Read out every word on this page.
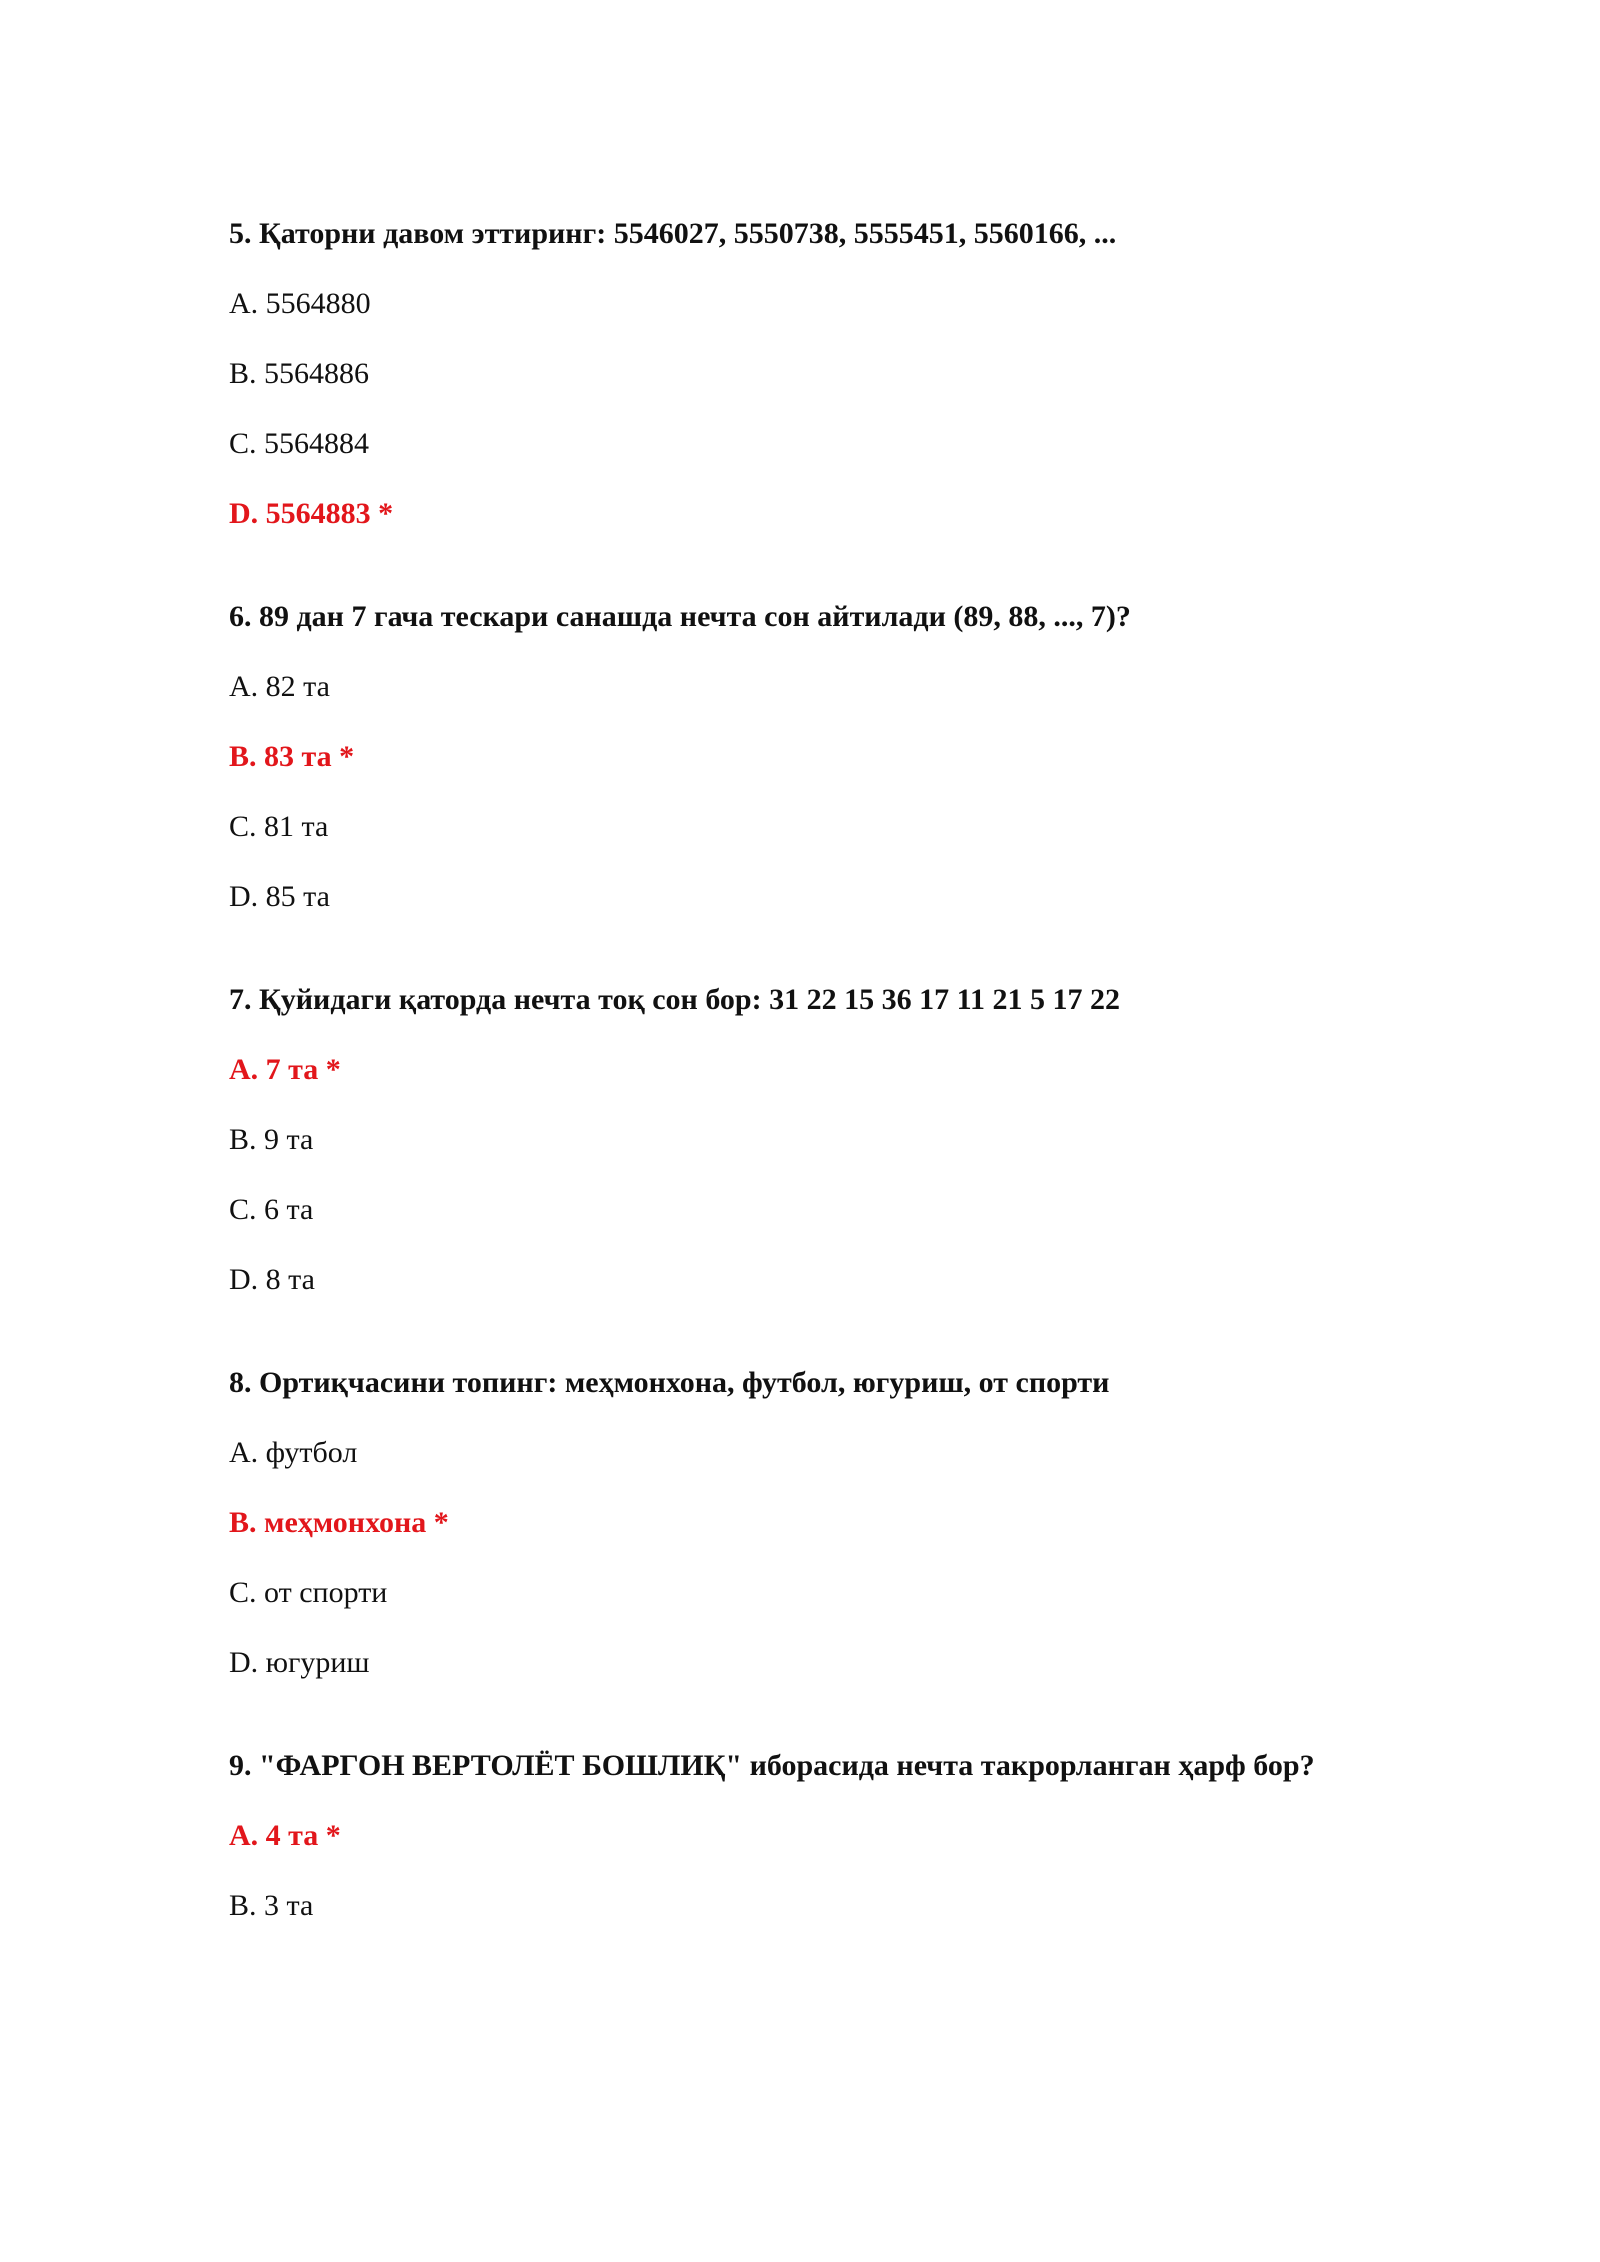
5. Қаторни давом эттиринг: 5546027, 5550738, 5555451, 5560166, ...

A. 5564880

B. 5564886

C. 5564884

D. 5564883 *

6. 89 дан 7 гача тескари санашда нечта сон айтилади (89, 88, ..., 7)?

A. 82 та

B. 83 та *

C. 81 та

D. 85 та

7. Қуйидаги қаторда нечта тоқ сон бор: 31 22 15 36 17 11 21 5 17 22

A. 7 та *

B. 9 та

C. 6 та

D. 8 та

8. Ортиқчасини топинг: меҳмонхона, футбол, югуриш, от спорти

A. футбол

B. меҳмонхона *

C. от спорти

D. югуриш

9. "ФАРГОН ВЕРТОЛЁТ БОШЛИҚ" иборасида нечта такрорланган ҳарф бор?

A. 4 та *

B. 3 та
